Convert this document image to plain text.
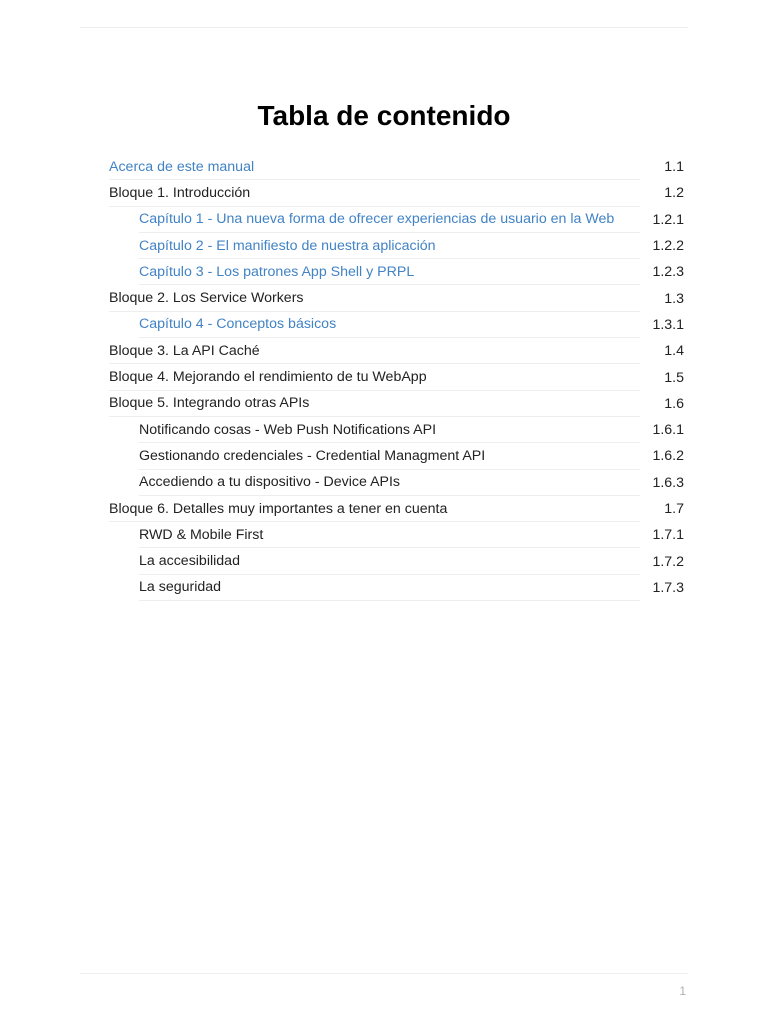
Tabla de contenido
Acerca de este manual	1.1
Bloque 1. Introducción	1.2
Capítulo 1 - Una nueva forma de ofrecer experiencias de usuario en la Web	1.2.1
Capítulo 2 - El manifiesto de nuestra aplicación	1.2.2
Capítulo 3 - Los patrones App Shell y PRPL	1.2.3
Bloque 2. Los Service Workers	1.3
Capítulo 4 - Conceptos básicos	1.3.1
Bloque 3. La API Caché	1.4
Bloque 4. Mejorando el rendimiento de tu WebApp	1.5
Bloque 5. Integrando otras APIs	1.6
Notificando cosas - Web Push Notifications API	1.6.1
Gestionando credenciales - Credential Managment API	1.6.2
Accediendo a tu dispositivo - Device APIs	1.6.3
Bloque 6. Detalles muy importantes a tener en cuenta	1.7
RWD & Mobile First	1.7.1
La accesibilidad	1.7.2
La seguridad	1.7.3
1
